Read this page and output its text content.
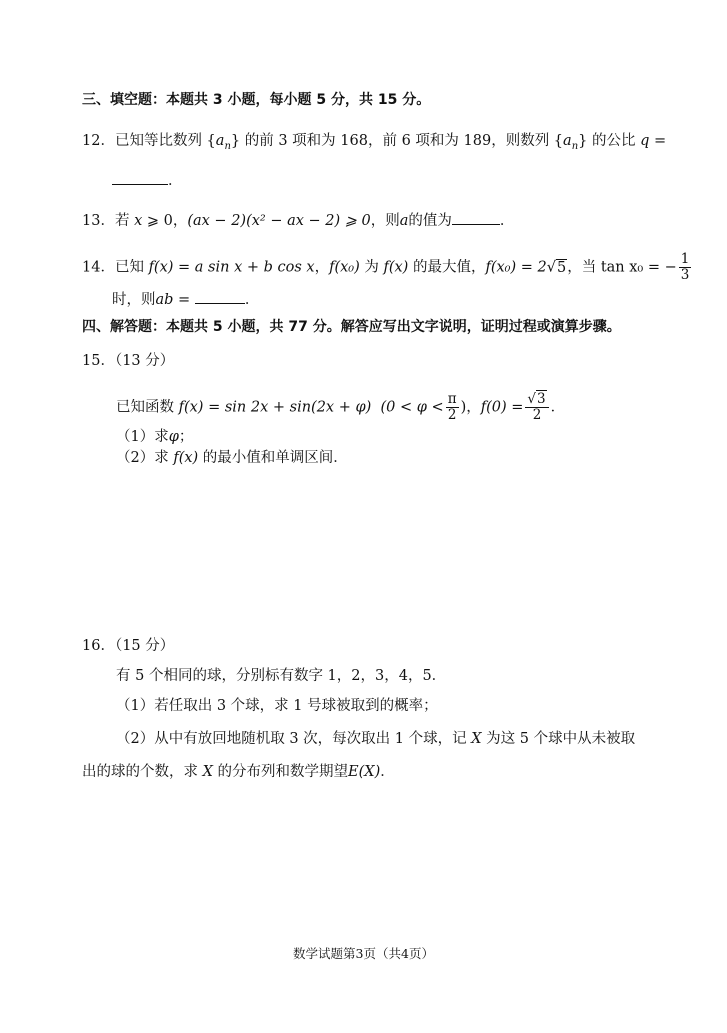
三、填空题：本题共 3 小题，每小题 5 分，共 15 分。
12．已知等比数列 $\{a_n\}$ 的前 3 项和为 168，前 6 项和为 189，则数列 $\{a_n\}$ 的公比 q =
．
13．若 x ⩾ 0，(ax − 2)(x² − ax − 2) ⩾ 0，则a的值为	．
14．已知 f(x) = a sin x + b cos x，f(x₀) 为 f(x) 的最大值，f(x₀) = 2√5，当 tan x₀ = − $\frac{1}{3}$
时，则ab =	．
四、解答题：本题共 5 小题，共 77 分。解答应写出文字说明，证明过程或演算步骤。
15．（13 分）
已知函数 f(x) = sin 2x + sin(2x + φ) ($0 < \varphi < \frac{\pi}{2}$ )，$f(0) = \frac{√3}{2}$ ．
（1）求φ；
（2）求 f(x) 的最小值和单调区间．
16．（15 分）
有 5 个相同的球，分别标有数字 1，2，3，4，5．
（1）若任取出 3 个球，求 1 号球被取到的概率；
（2）从中有放回地随机取 3 次，每次取出 1 个球，记 X 为这 5 个球中从未被取
出的球的个数，求 X 的分布列和数学期望E(X)．
数学试题第3页（共4页）
